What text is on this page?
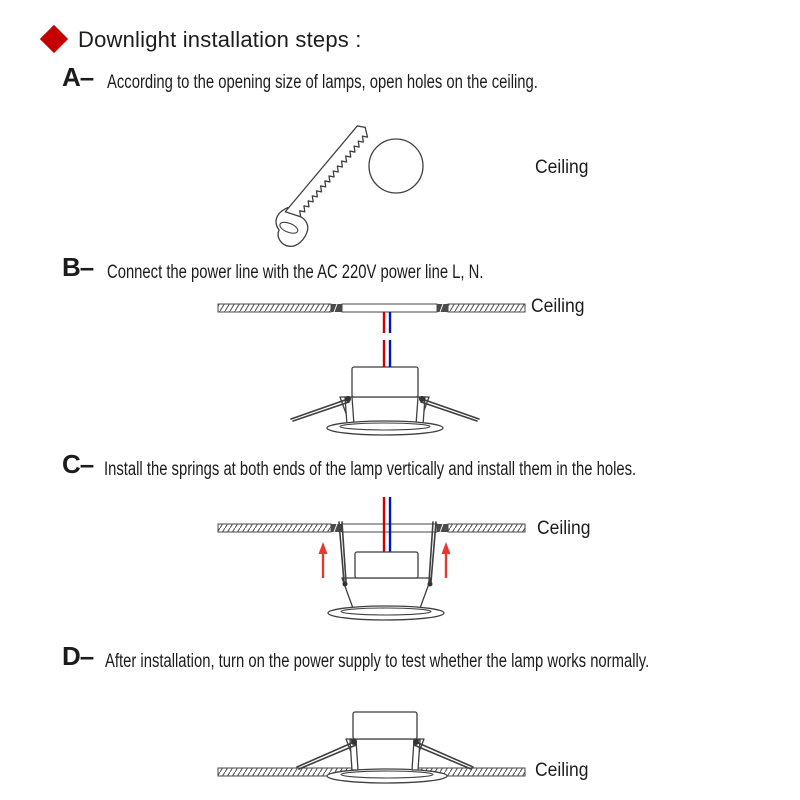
Downlight installation steps :
A– According to the opening size of lamps, open holes on the ceiling.
Ceiling
B– Connect the power line with the AC 220V power line L, N.
Ceiling
C– Install the springs at both ends of the lamp vertically and install them in the holes.
Ceiling
D– After installation, turn on the power supply to test whether the lamp works normally.
Ceiling
